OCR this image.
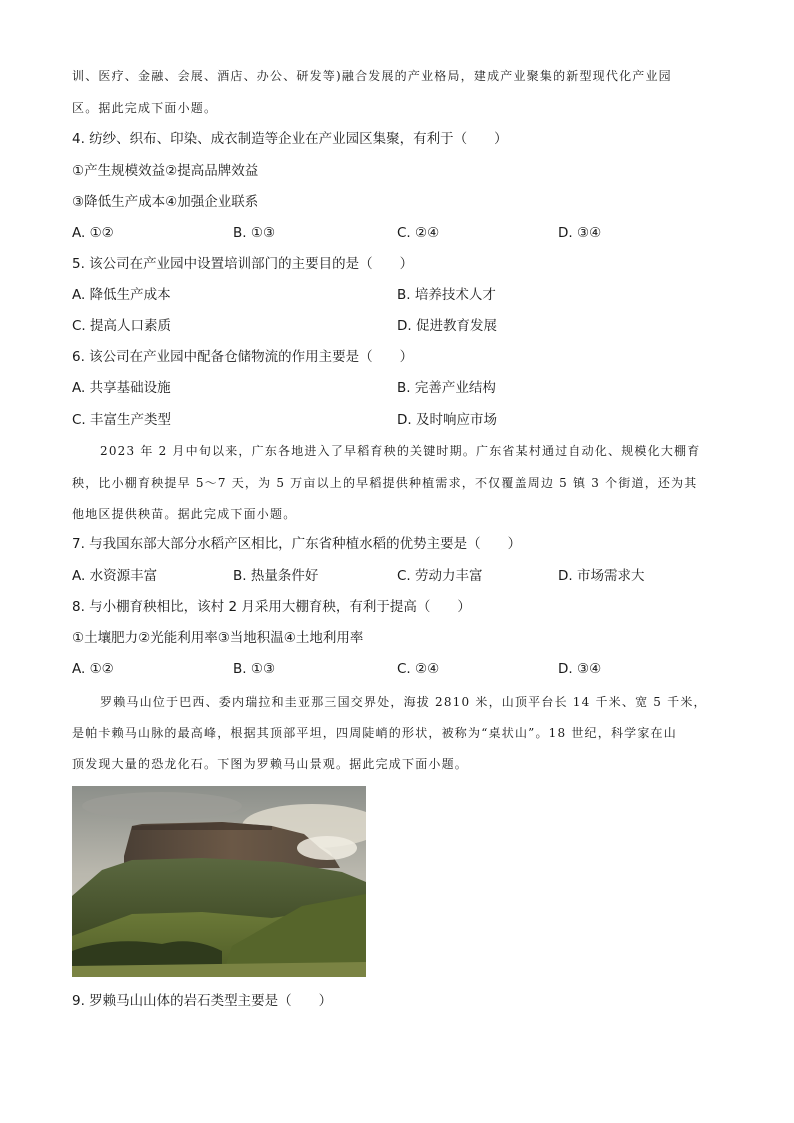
训、医疗、金融、会展、酒店、办公、研发等)融合发展的产业格局，建成产业聚集的新型现代化产业园
区。据此完成下面小题。
4. 纺纱、织布、印染、成衣制造等企业在产业园区集聚，有利于（　　）
①产生规模效益②提高品牌效益
③降低生产成本④加强企业联系
A. ①②	B. ①③	C. ②④	D. ③④
5. 该公司在产业园中设置培训部门的主要目的是（　　）
A. 降低生产成本	B. 培养技术人才
C. 提高人口素质	D. 促进教育发展
6. 该公司在产业园中配备仓储物流的作用主要是（　　）
A. 共享基础设施	B. 完善产业结构
C. 丰富生产类型	D. 及时响应市场
2023 年 2 月中旬以来，广东各地进入了早稻育秧的关键时期。广东省某村通过自动化、规模化大棚育
秧，比小棚育秧提早 5～7 天，为 5 万亩以上的早稻提供种植需求，不仅覆盖周边 5 镇 3 个街道，还为其
他地区提供秧苗。据此完成下面小题。
7. 与我国东部大部分水稻产区相比，广东省种植水稻的优势主要是（　　）
A. 水资源丰富	B. 热量条件好	C. 劳动力丰富	D. 市场需求大
8. 与小棚育秧相比，该村 2 月采用大棚育秧，有利于提高（　　）
①土壤肥力②光能利用率③当地积温④土地利用率
A. ①②	B. ①③	C. ②④	D. ③④
罗赖马山位于巴西、委内瑞拉和圭亚那三国交界处，海拔 2810 米，山顶平台长 14 千米、宽 5 千米，
是帕卡赖马山脉的最高峰，根据其顶部平坦，四周陡峭的形状，被称为“桌状山”。18 世纪，科学家在山
顶发现大量的恐龙化石。下图为罗赖马山景观。据此完成下面小题。
9. 罗赖马山山体的岩石类型主要是（　　）
